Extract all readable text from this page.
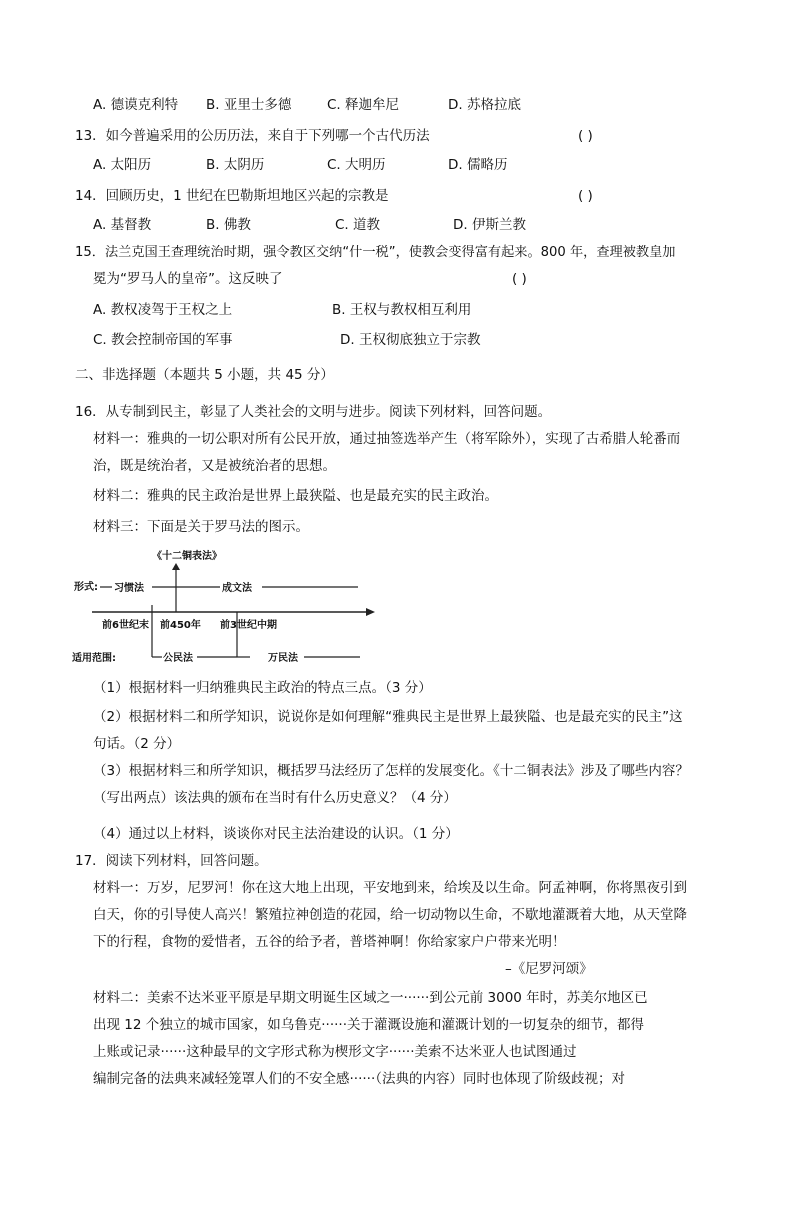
A. 德谟克利特 B. 亚里士多德	C. 释迦牟尼	D. 苏格拉底
13．如今普遍采用的公历历法，来自于下列哪一个古代历法	( )
A. 太阳历	B. 太阴历	C. 大明历	D. 儒略历
14．回顾历史，1 世纪在巴勒斯坦地区兴起的宗教是	( )
A. 基督教	B. 佛教	C. 道教	D. 伊斯兰教
15．法兰克国王查理统治时期，强令教区交纳“什一税”，使教会变得富有起来。800 年，查理被教皇加
冕为“罗马人的皇帝”。这反映了	( )
A. 教权凌驾于王权之上	B. 王权与教权相互利用
C. 教会控制帝国的军事	D. 王权彻底独立于宗教
二、非选择题（本题共 5 小题，共 45 分）
16．从专制到民主，彰显了人类社会的文明与进步。阅读下列材料，回答问题。
材料一：雅典的一切公职对所有公民开放，通过抽签选举产生（将军除外），实现了古希腊人轮番而
治，既是统治者，又是被统治者的思想。
材料二：雅典的民主政治是世界上最狭隘、也是最充实的民主政治。
材料三：下面是关于罗马法的图示。
《十二铜表法》
形式: 习惯法	成文法
前6世纪末 前450年 前3世纪中期
适用范围:	公民法	万民法
（1）根据材料一归纳雅典民主政治的特点三点。（3 分）
（2）根据材料二和所学知识，说说你是如何理解“雅典民主是世界上最狭隘、也是最充实的民主”这
句话。（2 分）
（3）根据材料三和所学知识，概括罗马法经历了怎样的发展变化。《十二铜表法》涉及了哪些内容？
（写出两点）该法典的颁布在当时有什么历史意义？（4 分）
（4）通过以上材料，谈谈你对民主法治建设的认识。（1 分）
17．阅读下列材料，回答问题。
材料一：万岁，尼罗河！你在这大地上出现，平安地到来，给埃及以生命。阿孟神啊，你将黑夜引到
白天，你的引导使人高兴！繁殖拉神创造的花园，给一切动物以生命，不歇地灌溉着大地，从天堂降
下的行程，食物的爱惜者，五谷的给予者，普塔神啊！你给家家户户带来光明！
–《尼罗河颂》
材料二：美索不达米亚平原是早期文明诞生区域之一······到公元前 3000 年时，苏美尔地区已
出现 12 个独立的城市国家，如乌鲁克······关于灌溉设施和灌溉计划的一切复杂的细节，都得
上账或记录······这种最早的文字形式称为楔形文字······美索不达米亚人也试图通过
编制完备的法典来减轻笼罩人们的不安全感······（法典的内容）同时也体现了阶级歧视；对
